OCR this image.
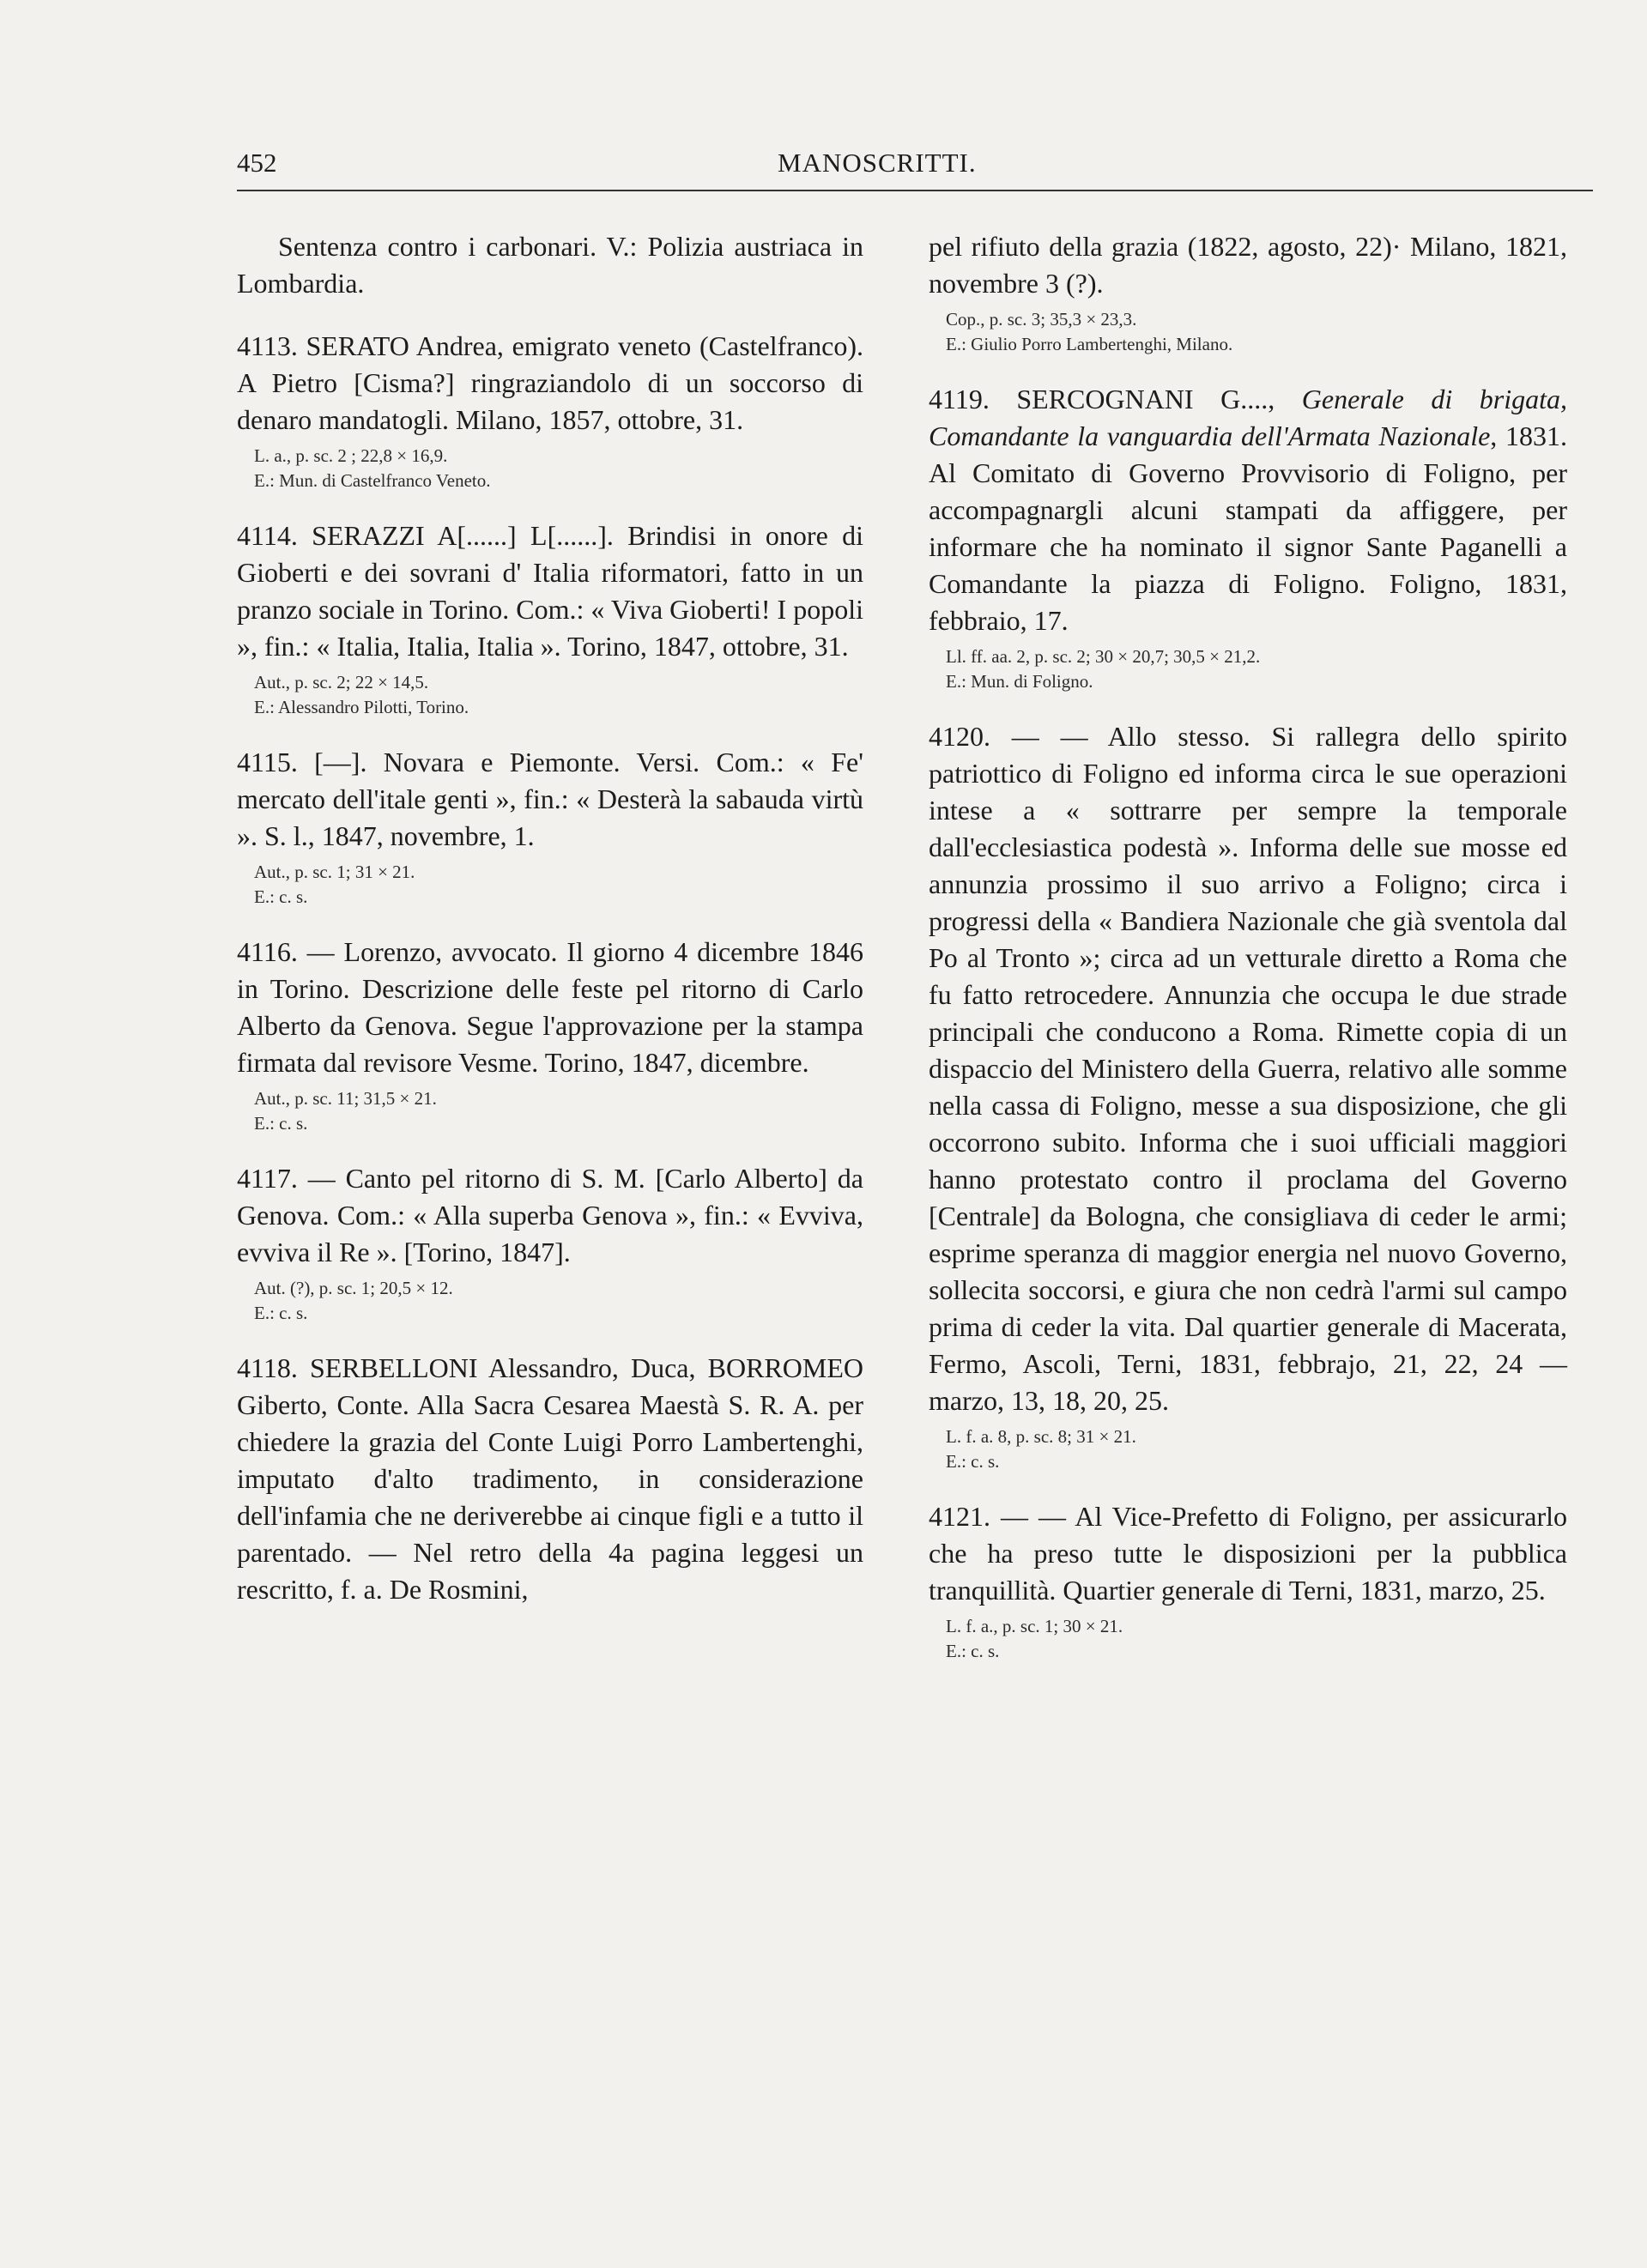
452	MANOSCRITTI.

Sentenza contro i carbonari. V.: Polizia austriaca in Lombardia.

4113. SERATO Andrea, emigrato veneto (Castelfranco). A Pietro [Cisma?] ringraziandolo di un soccorso di denaro mandatogli. Milano, 1857, ottobre, 31.

L. a., p. sc. 2 ; 22,8 × 16,9.
E.: Mun. di Castelfranco Veneto.

4114. SERAZZI A[......] L[......]. Brindisi in onore di Gioberti e dei sovrani d' Italia riformatori, fatto in un pranzo sociale in Torino. Com.: « Viva Gioberti! I popoli », fin.: « Italia, Italia, Italia ». Torino, 1847, ottobre, 31.

Aut., p. sc. 2; 22 × 14,5.
E.: Alessandro Pilotti, Torino.

4115. [—]. Novara e Piemonte. Versi. Com.: « Fe' mercato dell'itale genti », fin.: « Desterà la sabauda virtù ». S. l., 1847, novembre, 1.

Aut., p. sc. 1; 31 × 21.
E.: c. s.

4116. — Lorenzo, avvocato. Il giorno 4 dicembre 1846 in Torino. Descrizione delle feste pel ritorno di Carlo Alberto da Genova. Segue l'approvazione per la stampa firmata dal revisore Vesme. Torino, 1847, dicembre.

Aut., p. sc. 11; 31,5 × 21.
E.: c. s.

4117. — Canto pel ritorno di S. M. [Carlo Alberto] da Genova. Com.: « Alla superba Genova », fin.: « Evviva, evviva il Re ». [Torino, 1847].

Aut. (?), p. sc. 1; 20,5 × 12.
E.: c. s.

4118. SERBELLONI Alessandro, Duca, BORROMEO Giberto, Conte. Alla Sacra Cesarea Maestà S. R. A. per chiedere la grazia del Conte Luigi Porro Lambertenghi, imputato d'alto tradimento, in considerazione dell'infamia che ne deriverebbe ai cinque figli e a tutto il parentado. — Nel retro della 4a pagina leggesi un rescritto, f. a. De Rosmini,

pel rifiuto della grazia (1822, agosto, 22)· Milano, 1821, novembre 3 (?).

Cop., p. sc. 3; 35,3 × 23,3.
E.: Giulio Porro Lambertenghi, Milano.

4119. SERCOGNANI G...., Generale di brigata, Comandante la vanguardia dell'Armata Nazionale, 1831. Al Comitato di Governo Provvisorio di Foligno, per accompagnargli alcuni stampati da affiggere, per informare che ha nominato il signor Sante Paganelli a Comandante la piazza di Foligno. Foligno, 1831, febbraio, 17.

Ll. ff. aa. 2, p. sc. 2; 30 × 20,7; 30,5 × 21,2.
E.: Mun. di Foligno.

4120. — — Allo stesso. Si rallegra dello spirito patriottico di Foligno ed informa circa le sue operazioni intese a « sottrarre per sempre la temporale dall'ecclesiastica podestà ». Informa delle sue mosse ed annunzia prossimo il suo arrivo a Foligno; circa i progressi della « Bandiera Nazionale che già sventola dal Po al Tronto »; circa ad un vetturale diretto a Roma che fu fatto retrocedere. Annunzia che occupa le due strade principali che conducono a Roma. Rimette copia di un dispaccio del Ministero della Guerra, relativo alle somme nella cassa di Foligno, messe a sua disposizione, che gli occorrono subito. Informa che i suoi ufficiali maggiori hanno protestato contro il proclama del Governo [Centrale] da Bologna, che consigliava di ceder le armi; esprime speranza di maggior energia nel nuovo Governo, sollecita soccorsi, e giura che non cedrà l'armi sul campo prima di ceder la vita. Dal quartier generale di Macerata, Fermo, Ascoli, Terni, 1831, febbrajo, 21, 22, 24 — marzo, 13, 18, 20, 25.

L. f. a. 8, p. sc. 8; 31 × 21.
E.: c. s.

4121. — — Al Vice-Prefetto di Foligno, per assicurarlo che ha preso tutte le disposizioni per la pubblica tranquillità. Quartier generale di Terni, 1831, marzo, 25.

L. f. a., p. sc. 1; 30 × 21.
E.: c. s.
